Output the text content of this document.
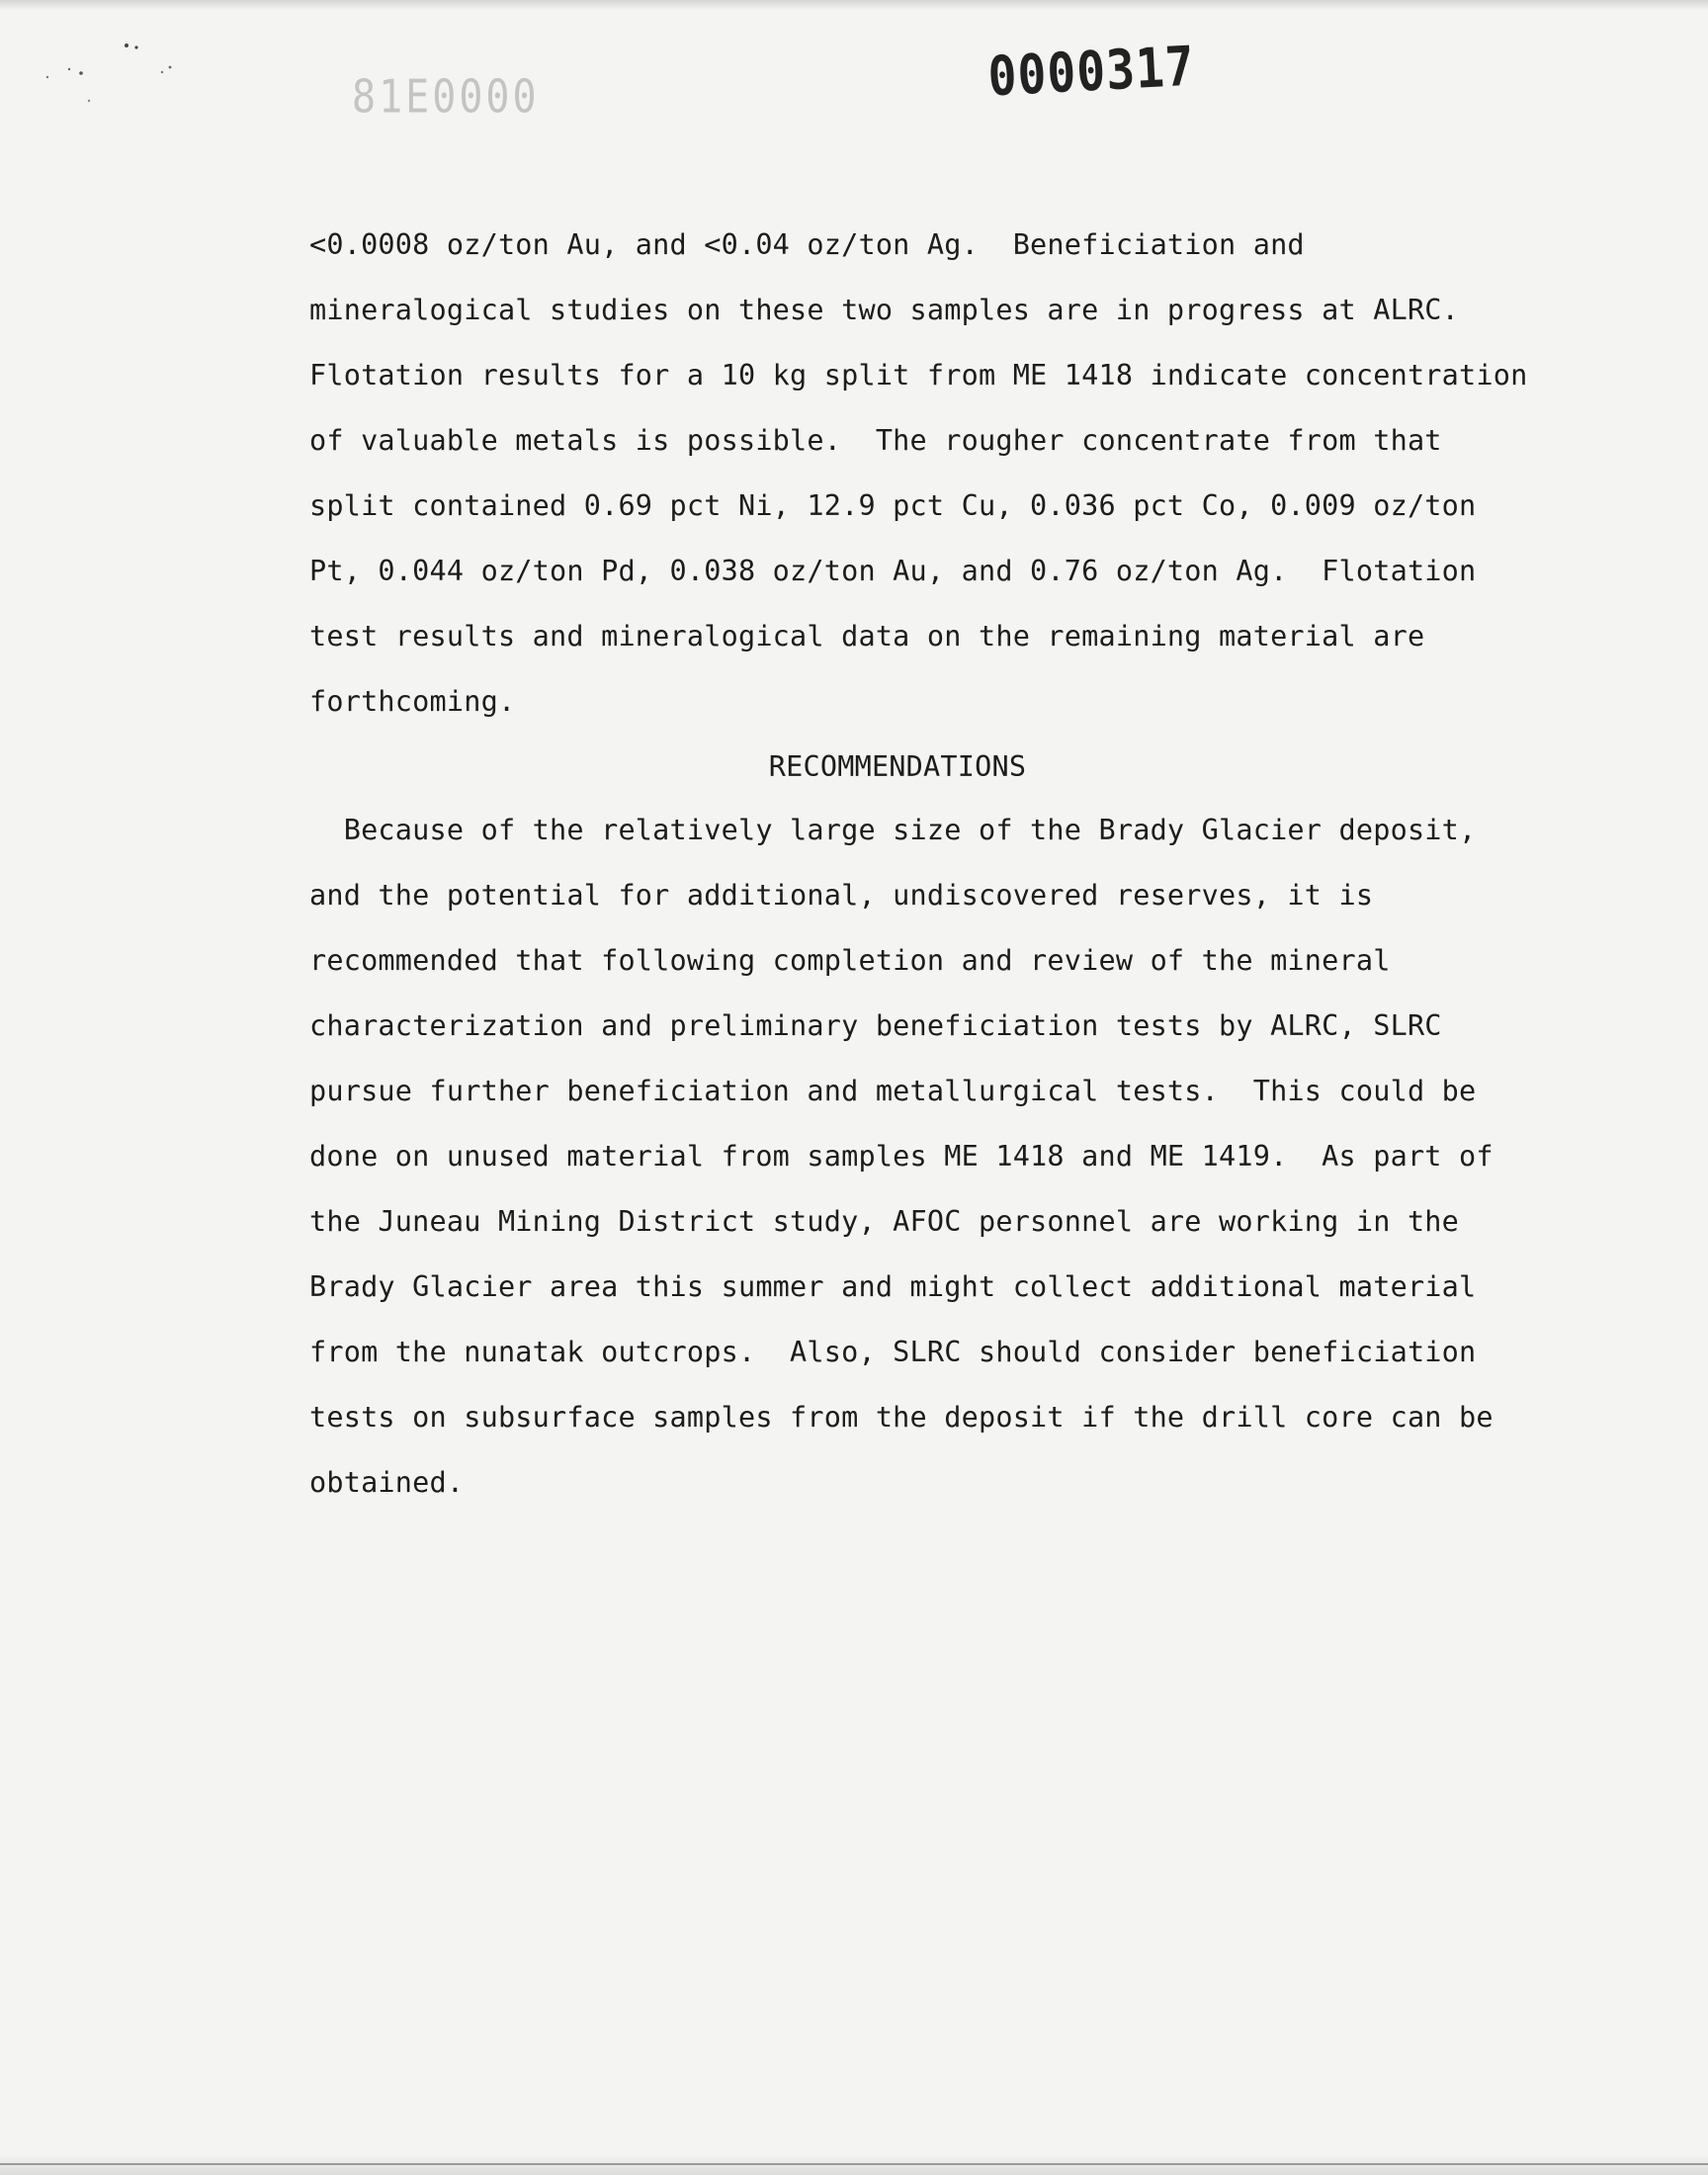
81E0000	0000317
<0.0008 oz/ton Au, and <0.04 oz/ton Ag.  Beneficiation and
mineralogical studies on these two samples are in progress at ALRC.
Flotation results for a 10 kg split from ME 1418 indicate concentration
of valuable metals is possible.  The rougher concentrate from that
split contained 0.69 pct Ni, 12.9 pct Cu, 0.036 pct Co, 0.009 oz/ton
Pt, 0.044 oz/ton Pd, 0.038 oz/ton Au, and 0.76 oz/ton Ag.  Flotation
test results and mineralogical data on the remaining material are
forthcoming.
RECOMMENDATIONS
Because of the relatively large size of the Brady Glacier deposit,
and the potential for additional, undiscovered reserves, it is
recommended that following completion and review of the mineral
characterization and preliminary beneficiation tests by ALRC, SLRC
pursue further beneficiation and metallurgical tests.  This could be
done on unused material from samples ME 1418 and ME 1419.  As part of
the Juneau Mining District study, AFOC personnel are working in the
Brady Glacier area this summer and might collect additional material
from the nunatak outcrops.  Also, SLRC should consider beneficiation
tests on subsurface samples from the deposit if the drill core can be
obtained.
